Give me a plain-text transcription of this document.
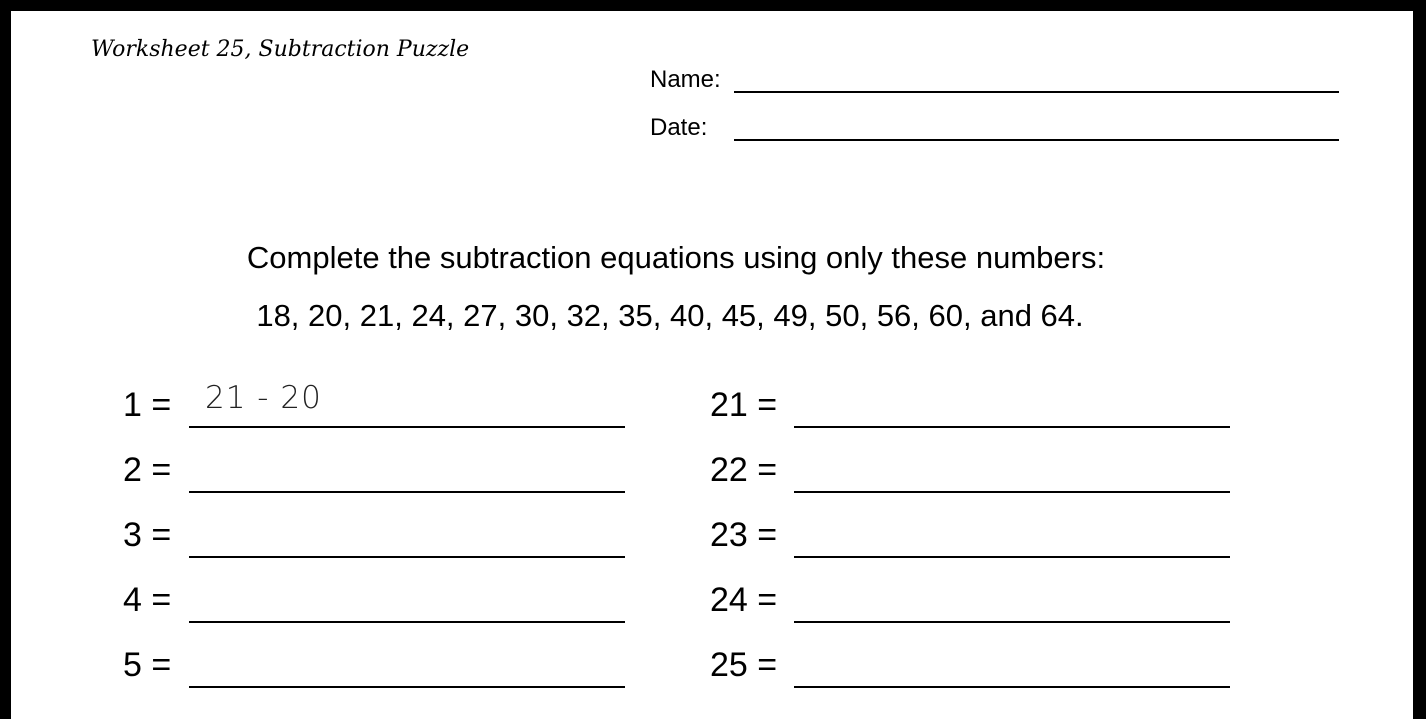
Worksheet 25, Subtraction Puzzle
Name:
Date:
Complete the subtraction equations using only these numbers:
18, 20, 21, 24, 27, 30, 32, 35, 40, 45, 49, 50, 56, 60, and 64.
1 = 21 - 20
2 =
3 =
4 =
5 =
21 =
22 =
23 =
24 =
25 =
